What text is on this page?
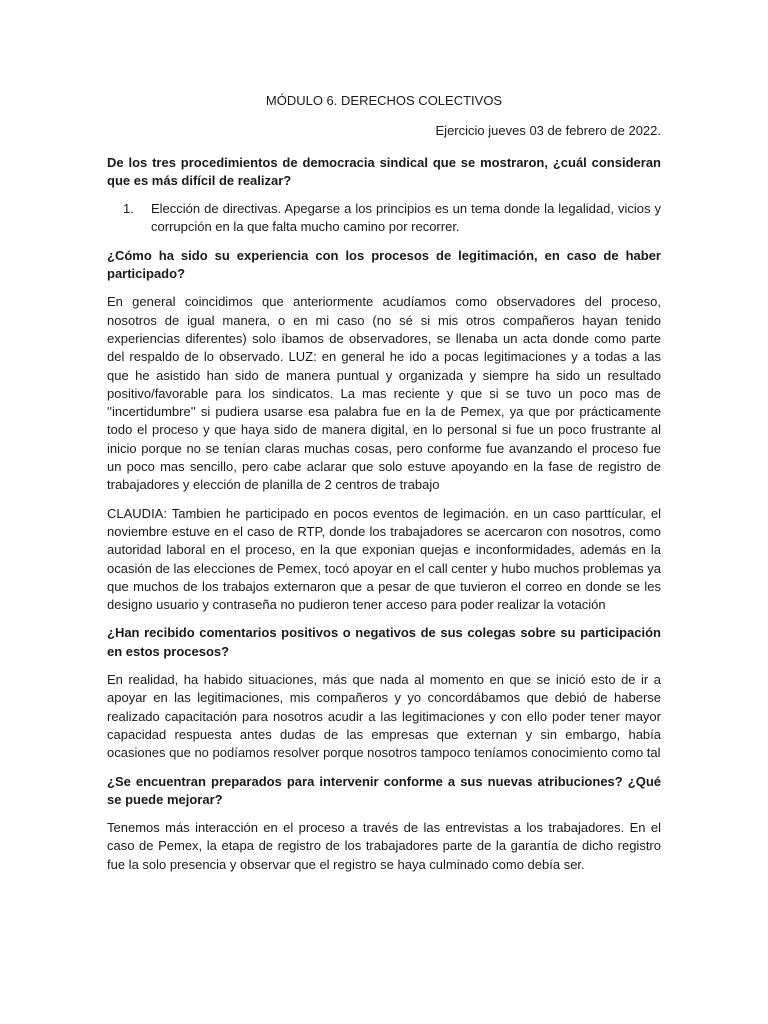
MÓDULO 6. DERECHOS COLECTIVOS

Ejercicio jueves 03 de febrero de 2022.

De los tres procedimientos de democracia sindical que se mostraron, ¿cuál consideran que es más difícil de realizar?

1.	Elección de directivas. Apegarse a los principios es un tema donde la legalidad, vicios y corrupción en la que falta mucho camino por recorrer.

¿Cómo ha sido su experiencia con los procesos de legitimación, en caso de haber participado?

En general coincidimos que anteriormente acudíamos como observadores del proceso, nosotros de igual manera, o en mi caso (no sé si mis otros compañeros hayan tenido experiencias diferentes) solo íbamos de observadores, se llenaba un acta donde como parte del respaldo de lo observado. LUZ: en general he ido a pocas legitimaciones y a todas a las que he asistido han sido de manera puntual y organizada y siempre ha sido un resultado positivo/favorable para los sindicatos. La mas reciente y que si se tuvo un poco mas de ''incertidumbre'' si pudiera usarse esa palabra fue en la de Pemex, ya que por prácticamente todo el proceso y que haya sido de manera digital, en lo personal si fue un poco frustrante al inicio porque no se tenían claras muchas cosas, pero conforme fue avanzando el proceso fue un poco mas sencillo, pero cabe aclarar que solo estuve apoyando en la fase de registro de trabajadores y elección de planilla de 2 centros de trabajo

CLAUDIA: Tambien he participado en pocos eventos de legimación. en un caso parttícular, el noviembre estuve en el caso de RTP, donde los trabajadores se acercaron con nosotros, como autoridad laboral en el proceso, en la que exponian quejas e inconformidades, además en la ocasión de las elecciones de Pemex, tocó apoyar en el call center y hubo muchos problemas ya que muchos de los trabajos externaron que a pesar de que tuvieron el correo en donde se les designo usuario y contraseña no pudieron tener acceso para poder realizar la votación

¿Han recibido comentarios positivos o negativos de sus colegas sobre su participación en estos procesos?

En realidad, ha habido situaciones, más que nada al momento en que se inició esto de ir a apoyar en las legitimaciones, mis compañeros y yo concordábamos que debió de haberse realizado capacitación para nosotros acudir a las legitimaciones y con ello poder tener mayor capacidad respuesta antes dudas de las empresas que externan y sin embargo, había ocasiones que no podíamos resolver porque nosotros tampoco teníamos conocimiento como tal

¿Se encuentran preparados para intervenir conforme a sus nuevas atribuciones? ¿Qué se puede mejorar?

Tenemos más interacción en el proceso a través de las entrevistas a los trabajadores. En el caso de Pemex, la etapa de registro de los trabajadores parte de la garantía de dicho registro fue la solo presencia y observar que el registro se haya culminado como debía ser.
